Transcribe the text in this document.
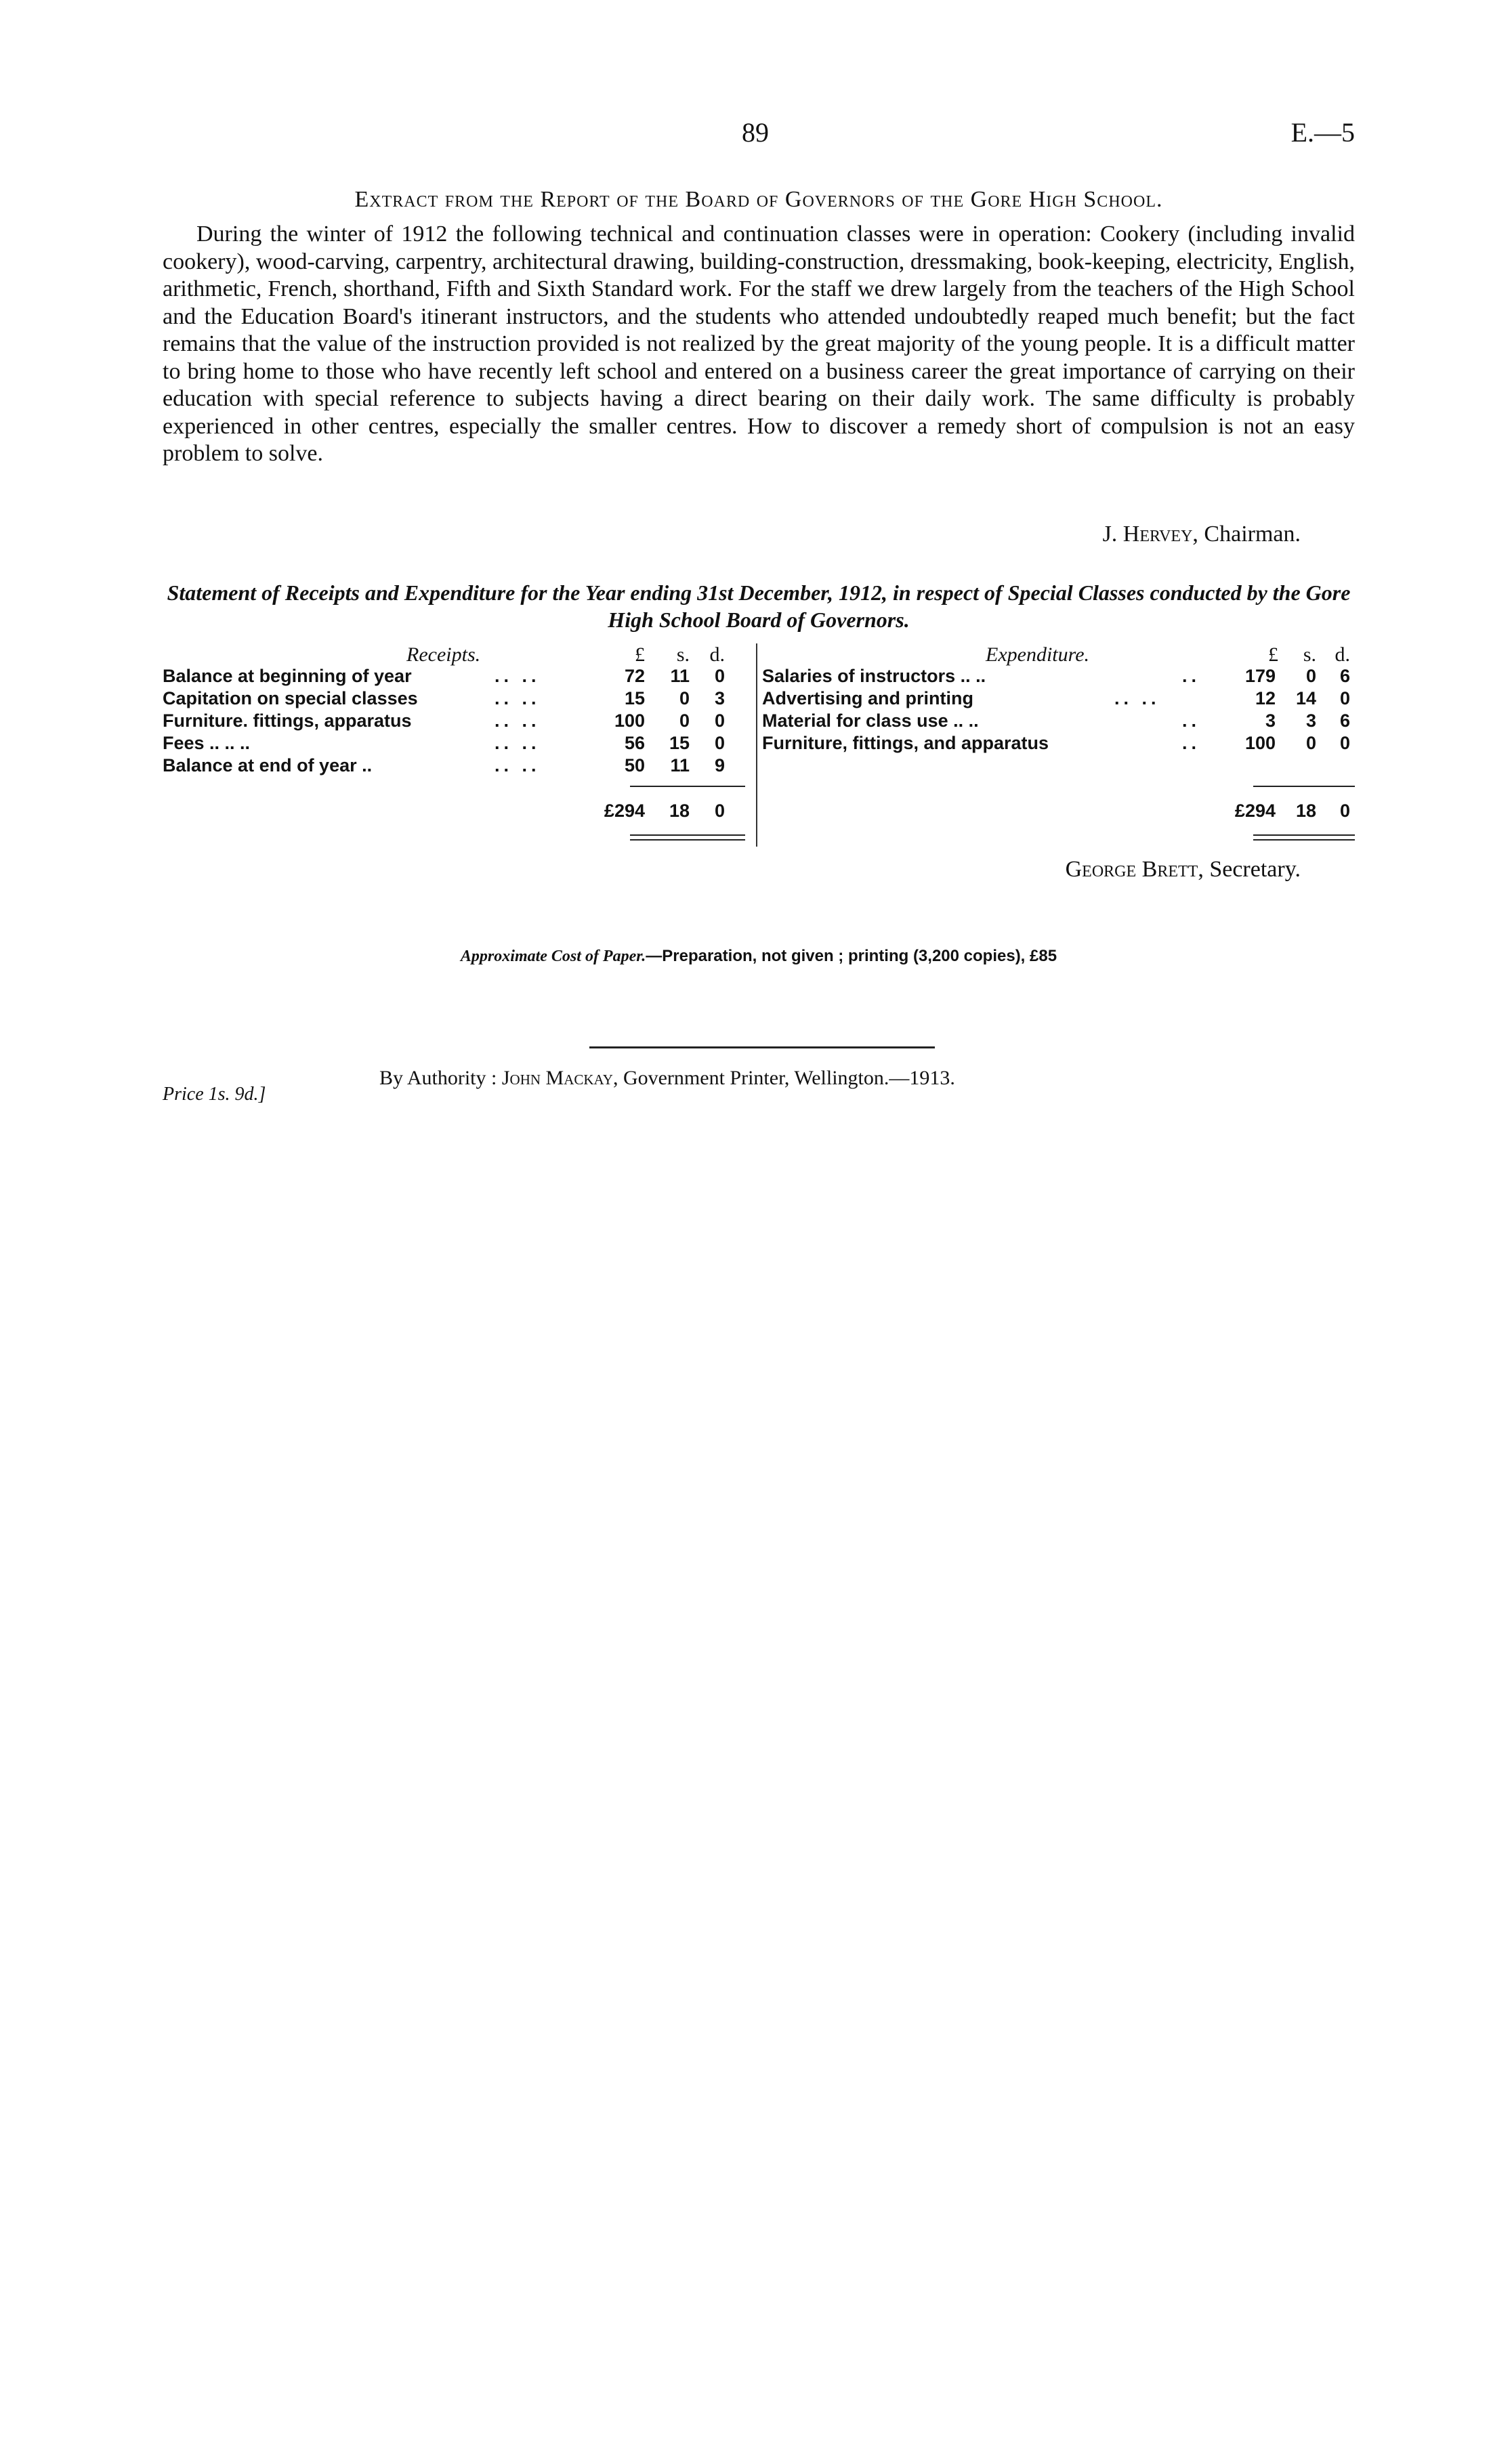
89	E.—5
Extract from the Report of the Board of Governors of the Gore High School.

During the winter of 1912 the following technical and continuation classes were in operation: Cookery (including invalid cookery), wood-carving, carpentry, architectural drawing, building-construction, dressmaking, book-keeping, electricity, English, arithmetic, French, shorthand, Fifth and Sixth Standard work. For the staff we drew largely from the teachers of the High School and the Education Board's itinerant instructors, and the students who attended undoubtedly reaped much benefit; but the fact remains that the value of the instruction provided is not realized by the great majority of the young people. It is a difficult matter to bring home to those who have recently left school and entered on a business career the great importance of carrying on their education with special reference to subjects having a direct bearing on their daily work. The same difficulty is probably experienced in other centres, especially the smaller centres. How to discover a remedy short of compulsion is not an easy problem to solve.

J. Hervey, Chairman.
Statement of Receipts and Expenditure for the Year ending 31st December, 1912, in respect of Special Classes conducted by the Gore High School Board of Governors.
Receipts.	£	s. d.
Balance at beginning of year	.. ..	72	11	0
Capitation on special classes	.. ..	15	0	3
Furniture. fittings, apparatus	.. ..	100	0	0
Fees .. .. ..	.. ..	56	15	0
Balance at end of year ..	.. ..	50	11	9
£294	18	0
Expenditure.	£	s. d.
Salaries of instructors .. ..	..	179	0	6
Advertising and printing	.. ..	12	14	0
Material for class use .. ..	..	3	3	6
Furniture, fittings, and apparatus	..	100	0	0
£294	18	0
George Brett, Secretary.
Approximate Cost of Paper.—Preparation, not given ; printing (3,200 copies), £85
By Authority : John Mackay, Government Printer, Wellington.—1913.
Price 1s. 9d.]
